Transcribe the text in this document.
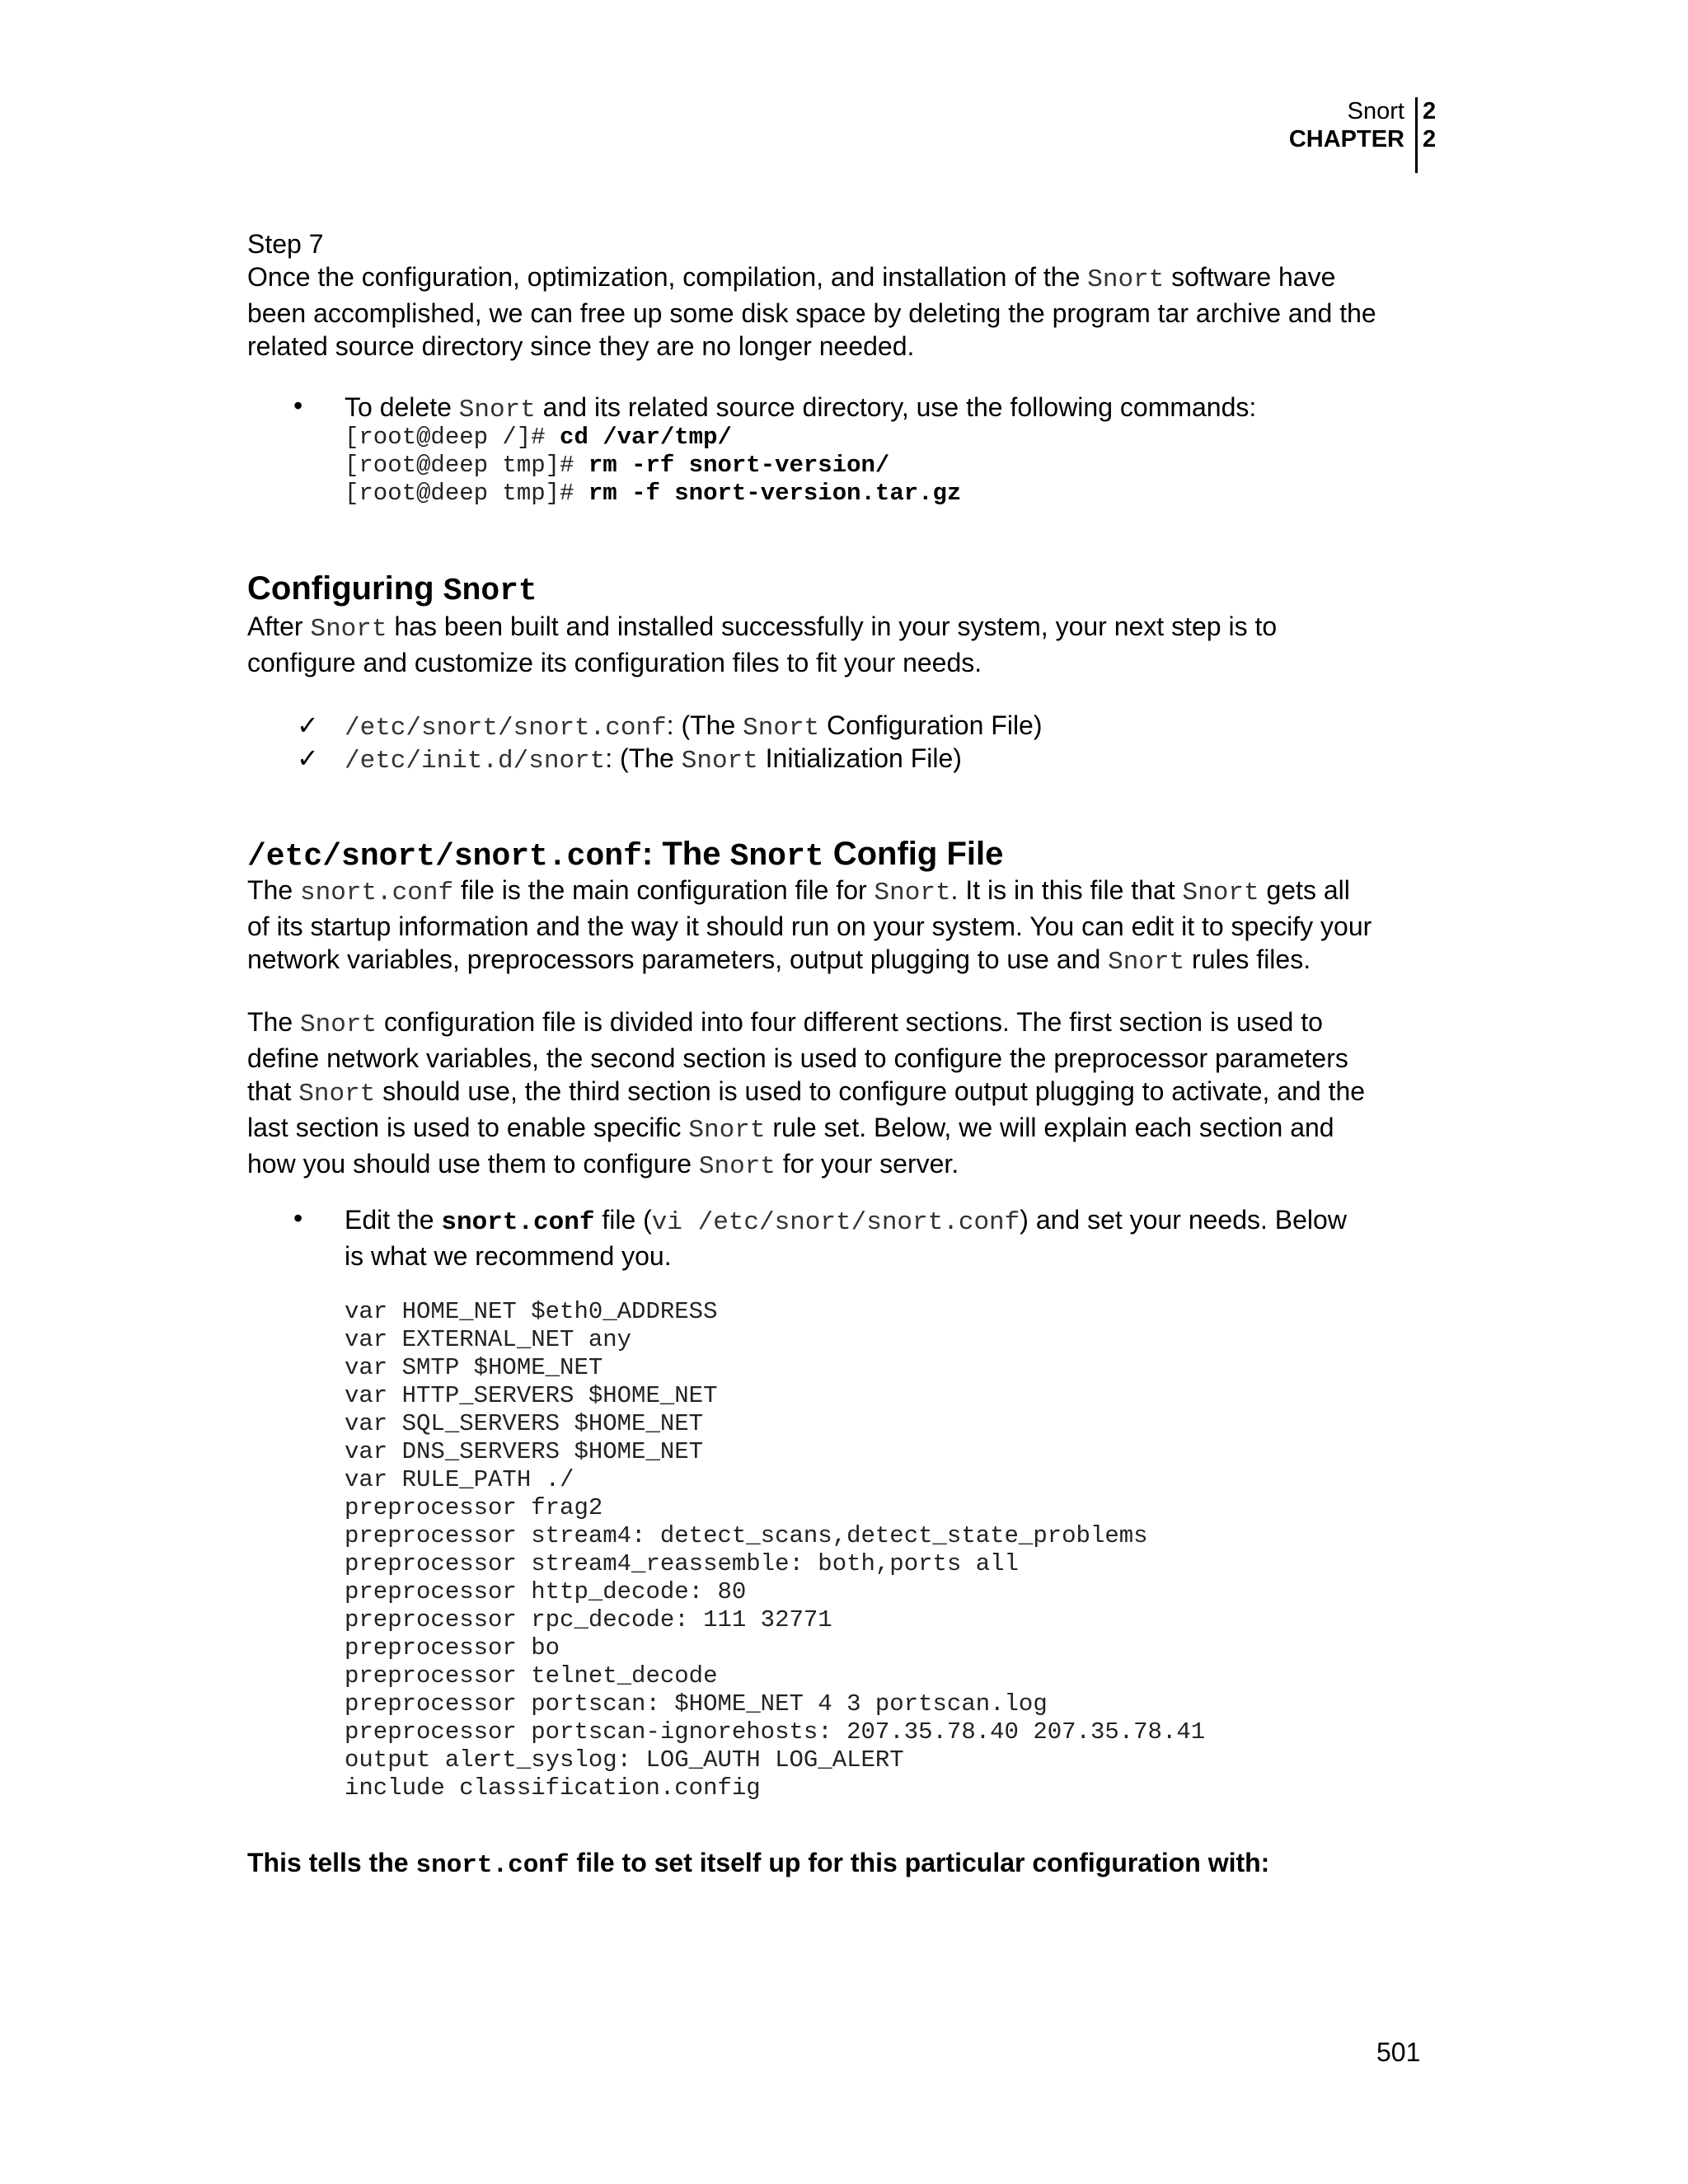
Snort
CHAPTER
2
2
Step 7
Once the configuration, optimization, compilation, and installation of the Snort software have
been accomplished, we can free up some disk space by deleting the program tar archive and the
related source directory since they are no longer needed.
• To delete Snort and its related source directory, use the following commands:
[root@deep /]# cd /var/tmp/
[root@deep tmp]# rm -rf snort-version/
[root@deep tmp]# rm -f snort-version.tar.gz
Configuring Snort
After Snort has been built and installed successfully in your system, your next step is to
configure and customize its configuration files to fit your needs.
✓ /etc/snort/snort.conf: (The Snort Configuration File)
✓ /etc/init.d/snort: (The Snort Initialization File)
/etc/snort/snort.conf: The Snort Config File
The snort.conf file is the main configuration file for Snort. It is in this file that Snort gets all
of its startup information and the way it should run on your system. You can edit it to specify your
network variables, preprocessors parameters, output plugging to use and Snort rules files.
The Snort configuration file is divided into four different sections. The first section is used to
define network variables, the second section is used to configure the preprocessor parameters
that Snort should use, the third section is used to configure output plugging to activate, and the
last section is used to enable specific Snort rule set. Below, we will explain each section and
how you should use them to configure Snort for your server.
• Edit the snort.conf file (vi /etc/snort/snort.conf) and set your needs. Below
is what we recommend you.
var HOME_NET $eth0_ADDRESS
var EXTERNAL_NET any
var SMTP $HOME_NET
var HTTP_SERVERS $HOME_NET
var SQL_SERVERS $HOME_NET
var DNS_SERVERS $HOME_NET
var RULE_PATH ./
preprocessor frag2
preprocessor stream4: detect_scans,detect_state_problems
preprocessor stream4_reassemble: both,ports all
preprocessor http_decode: 80
preprocessor rpc_decode: 111 32771
preprocessor bo
preprocessor telnet_decode
preprocessor portscan: $HOME_NET 4 3 portscan.log
preprocessor portscan-ignorehosts: 207.35.78.40 207.35.78.41
output alert_syslog: LOG_AUTH LOG_ALERT
include classification.config
This tells the snort.conf file to set itself up for this particular configuration with:
501
